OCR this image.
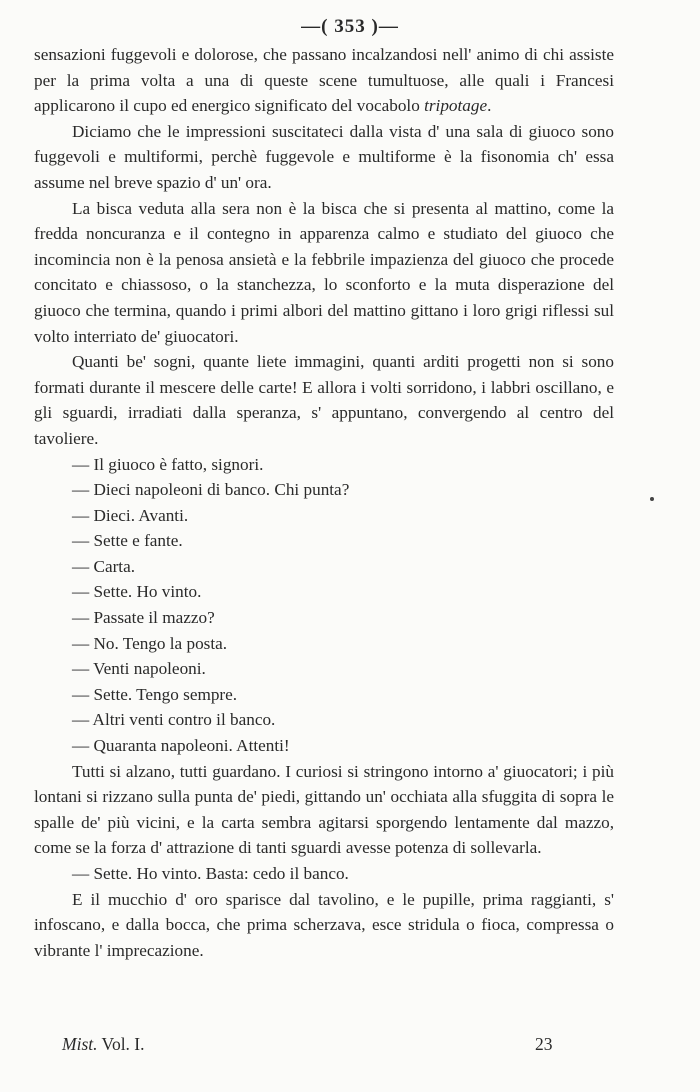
—( 353 )—

sensazioni fuggevoli e dolorose, che passano incalzandosi nell' animo di chi assiste per la prima volta a una di queste scene tumultuose, alle quali i Francesi applicarono il cupo ed energico significato del vocabolo tripotage.

Diciamo che le impressioni suscitateci dalla vista d' una sala di giuoco sono fuggevoli e multiformi, perchè fuggevole e multiforme è la fisonomia ch' essa assume nel breve spazio d' un' ora.

La bisca veduta alla sera non è la bisca che si presenta al mattino, come la fredda noncuranza e il contegno in apparenza calmo e studiato del giuoco che incomincia non è la penosa ansietà e la febbrile impazienza del giuoco che procede concitato e chiassoso, o la stanchezza, lo sconforto e la muta disperazione del giuoco che termina, quando i primi albori del mattino gittano i loro grigi riflessi sul volto interriato de' giuocatori.

Quanti be' sogni, quante liete immagini, quanti arditi progetti non si sono formati durante il mescere delle carte! E allora i volti sorridono, i labbri oscillano, e gli sguardi, irradiati dalla speranza, s' appuntano, convergendo al centro del tavoliere.

— Il giuoco è fatto, signori.

— Dieci napoleoni di banco. Chi punta?

— Dieci. Avanti.

— Sette e fante.

— Carta.

— Sette. Ho vinto.

— Passate il mazzo?

— No. Tengo la posta.

— Venti napoleoni.

— Sette. Tengo sempre.

— Altri venti contro il banco.

— Quaranta napoleoni. Attenti!

Tutti si alzano, tutti guardano. I curiosi si stringono intorno a' giuocatori; i più lontani si rizzano sulla punta de' piedi, gittando un' occhiata alla sfuggita di sopra le spalle de' più vicini, e la carta sembra agitarsi sporgendo lentamente dal mazzo, come se la forza d' attrazione di tanti sguardi avesse potenza di sollevarla.

— Sette. Ho vinto. Basta: cedo il banco.

E il mucchio d' oro sparisce dal tavolino, e le pupille, prima raggianti, s' infoscano, e dalla bocca, che prima scherzava, esce stridula o fioca, compressa o vibrante l' imprecazione.

Mist. Vol. I.	23
